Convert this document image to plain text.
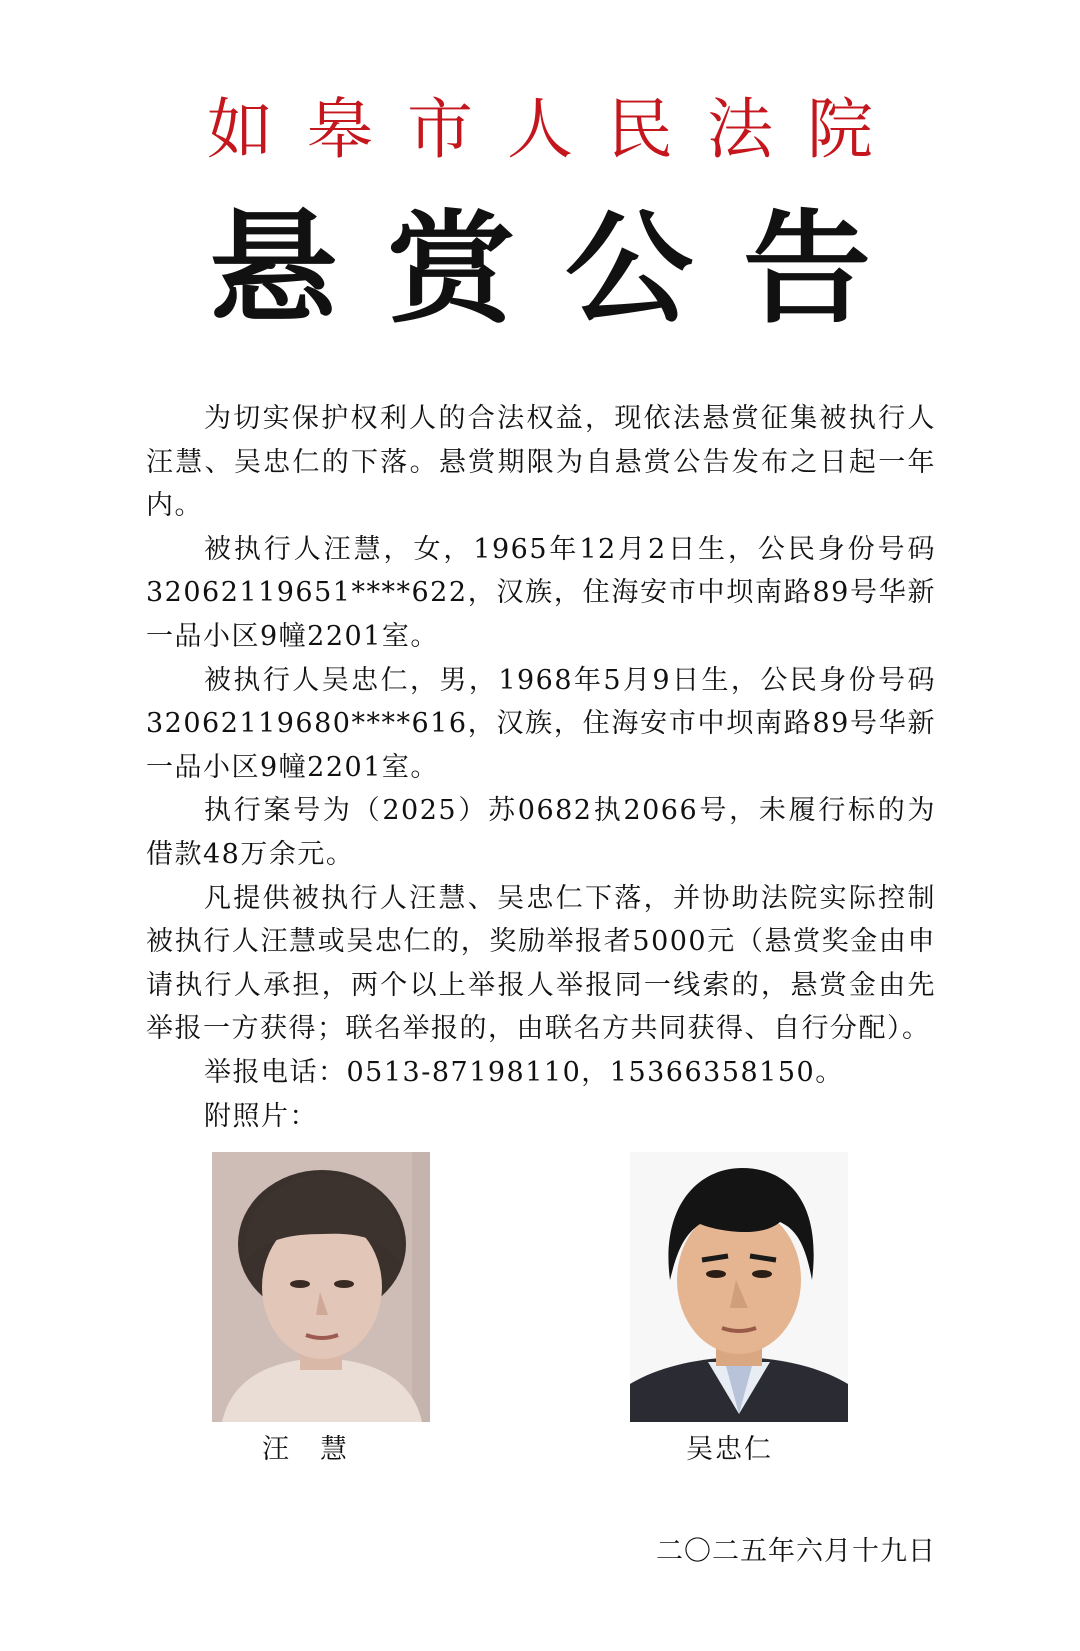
如皋市人民法院
悬赏公告

为切实保护权利人的合法权益，现依法悬赏征集被执行人汪慧、吴忠仁的下落。悬赏期限为自悬赏公告发布之日起一年内。

被执行人汪慧，女，1965年12月2日生，公民身份号码32062119651****622，汉族，住海安市中坝南路89号华新一品小区9幢2201室。

被执行人吴忠仁，男，1968年5月9日生，公民身份号码32062119680****616，汉族，住海安市中坝南路89号华新一品小区9幢2201室。

执行案号为（2025）苏0682执2066号，未履行标的为借款48万余元。

凡提供被执行人汪慧、吴忠仁下落，并协助法院实际控制被执行人汪慧或吴忠仁的，奖励举报者5000元（悬赏奖金由申请执行人承担，两个以上举报人举报同一线索的，悬赏金由先举报一方获得；联名举报的，由联名方共同获得、自行分配）。

举报电话：0513-87198110，15366358150。

附照片：

汪　慧	吴忠仁
二〇二五年六月十九日
